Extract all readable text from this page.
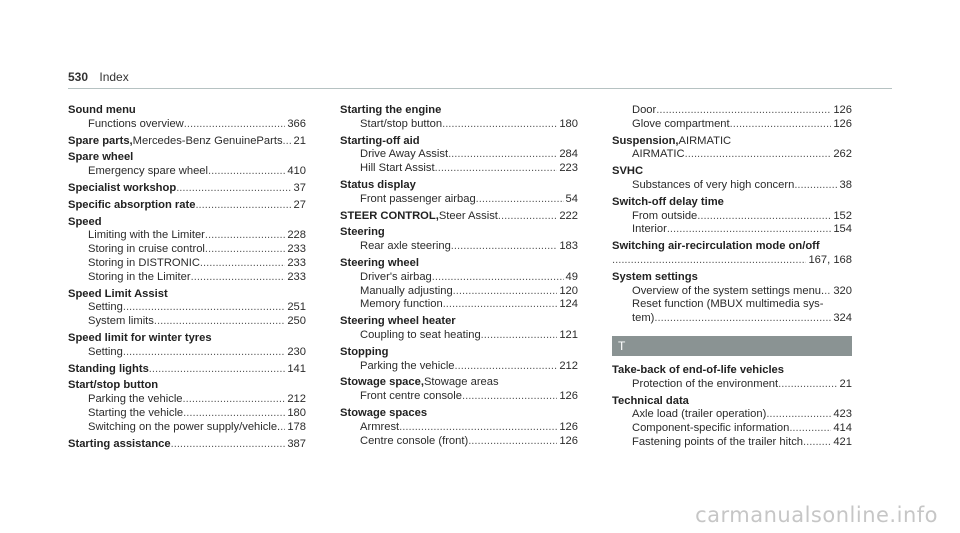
530 Index
Sound menu
Functions overview .....	366
Spare parts, Mercedes-Benz GenuineParts ..... 21
Spare wheel
Emergency spare wheel .....	410
Specialist workshop .....	37
Specific absorption rate .....	27
Speed
Limiting with the Limiter .....	228
Storing in cruise control .....	233
Storing in DISTRONIC .....	233
Storing in the Limiter .....	233
Speed Limit Assist
Setting .....	251
System limits .....	250
Speed limit for winter tyres
Setting .....	230
Standing lights .....	141
Start/stop button
Parking the vehicle .....	212
Starting the vehicle .....	180
Switching on the power supply/vehicle. ..... 178
Starting assistance .....	387
Starting the engine
Start/stop button .....	180
Starting-off aid
Drive Away Assist .....	284
Hill Start Assist .....	223
Status display
Front passenger airbag .....	54
STEER CONTROL, Steer Assist .....	222
Steering
Rear axle steering .....	183
Steering wheel
Driver's airbag .....	49
Manually adjusting .....	120
Memory function .....	124
Steering wheel heater
Coupling to seat heating .....	121
Stopping
Parking the vehicle .....	212
Stowage space, Stowage areas
Front centre console .....	126
Stowage spaces
Armrest .....	126
Centre console (front) .....	126
Door .....	126
Glove compartment .....	126
Suspension, AIRMATIC
AIRMATIC .....	262
SVHC
Substances of very high concern .....	38
Switch-off delay time
From outside .....	152
Interior .....	154
Switching air-recirculation mode on/off
.....
167, 168
System settings
Overview of the system settings menu. ..... 320
Reset function (MBUX multimedia sys-
tem) .....	324
T
Take-back of end-of-life vehicles
Protection of the environment .....	21
Technical data
Axle load (trailer operation) .....	423
Component-specific information .....	414
Fastening points of the trailer hitch .....	421
carmanualsonline.info
